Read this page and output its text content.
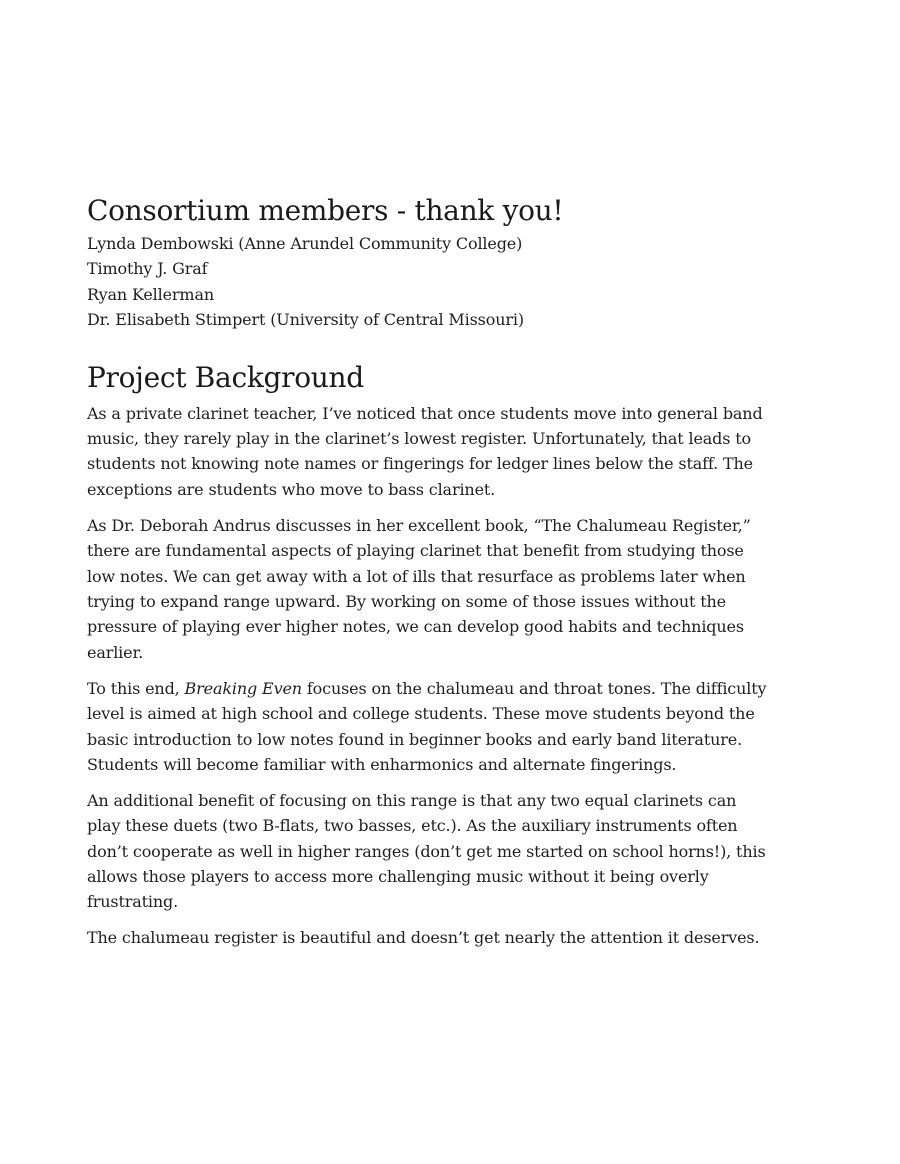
Consortium members - thank you!
Lynda Dembowski (Anne Arundel Community College)
Timothy J. Graf
Ryan Kellerman
Dr. Elisabeth Stimpert (University of Central Missouri)
Project Background

As a private clarinet teacher, I’ve noticed that once students move into general band music, they rarely play in the clarinet’s lowest register. Unfortunately, that leads to students not knowing note names or fingerings for ledger lines below the staff. The exceptions are students who move to bass clarinet.

As Dr. Deborah Andrus discusses in her excellent book, “The Chalumeau Register,” there are fundamental aspects of playing clarinet that benefit from studying those low notes. We can get away with a lot of ills that resurface as problems later when trying to expand range upward. By working on some of those issues without the pressure of playing ever higher notes, we can develop good habits and techniques earlier.

To this end, Breaking Even focuses on the chalumeau and throat tones. The difficulty level is aimed at high school and college students. These move students beyond the basic introduction to low notes found in beginner books and early band literature. Students will become familiar with enharmonics and alternate fingerings.

An additional benefit of focusing on this range is that any two equal clarinets can play these duets (two B-flats, two basses, etc.). As the auxiliary instruments often don’t cooperate as well in higher ranges (don’t get me started on school horns!), this allows those players to access more challenging music without it being overly frustrating.

The chalumeau register is beautiful and doesn’t get nearly the attention it deserves.
